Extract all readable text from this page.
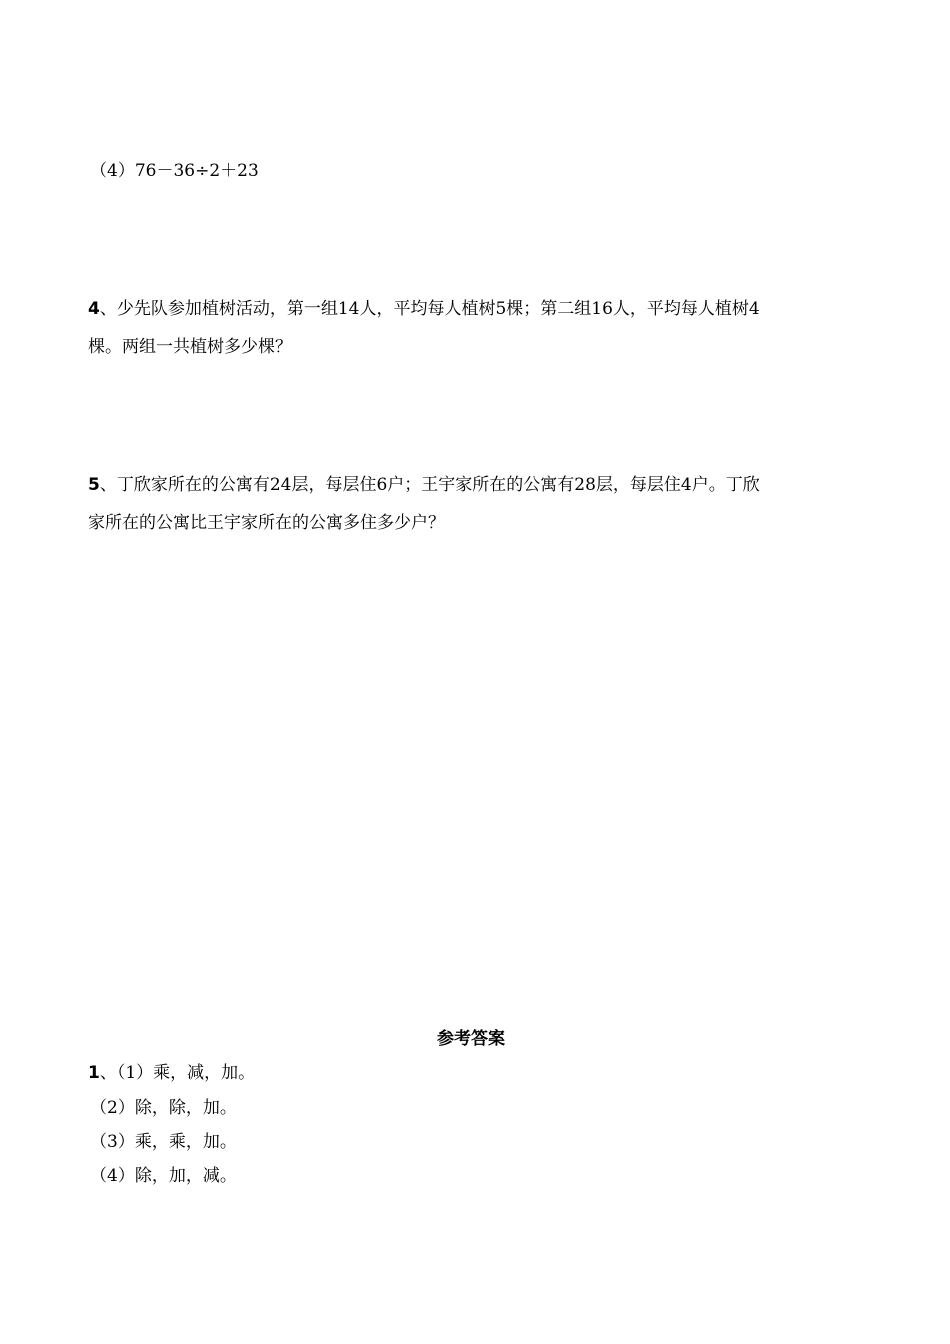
（4）76－36÷2＋23
4、少先队参加植树活动，第一组14人，平均每人植树5棵；第二组16人，平均每人植树4
棵。两组一共植树多少棵？
5、丁欣家所在的公寓有24层，每层住6户；王宇家所在的公寓有28层，每层住4户。丁欣
家所在的公寓比王宇家所在的公寓多住多少户？
参考答案
1、（1）乘，减，加。
（2）除，除，加。
（3）乘，乘，加。
（4）除，加，减。
